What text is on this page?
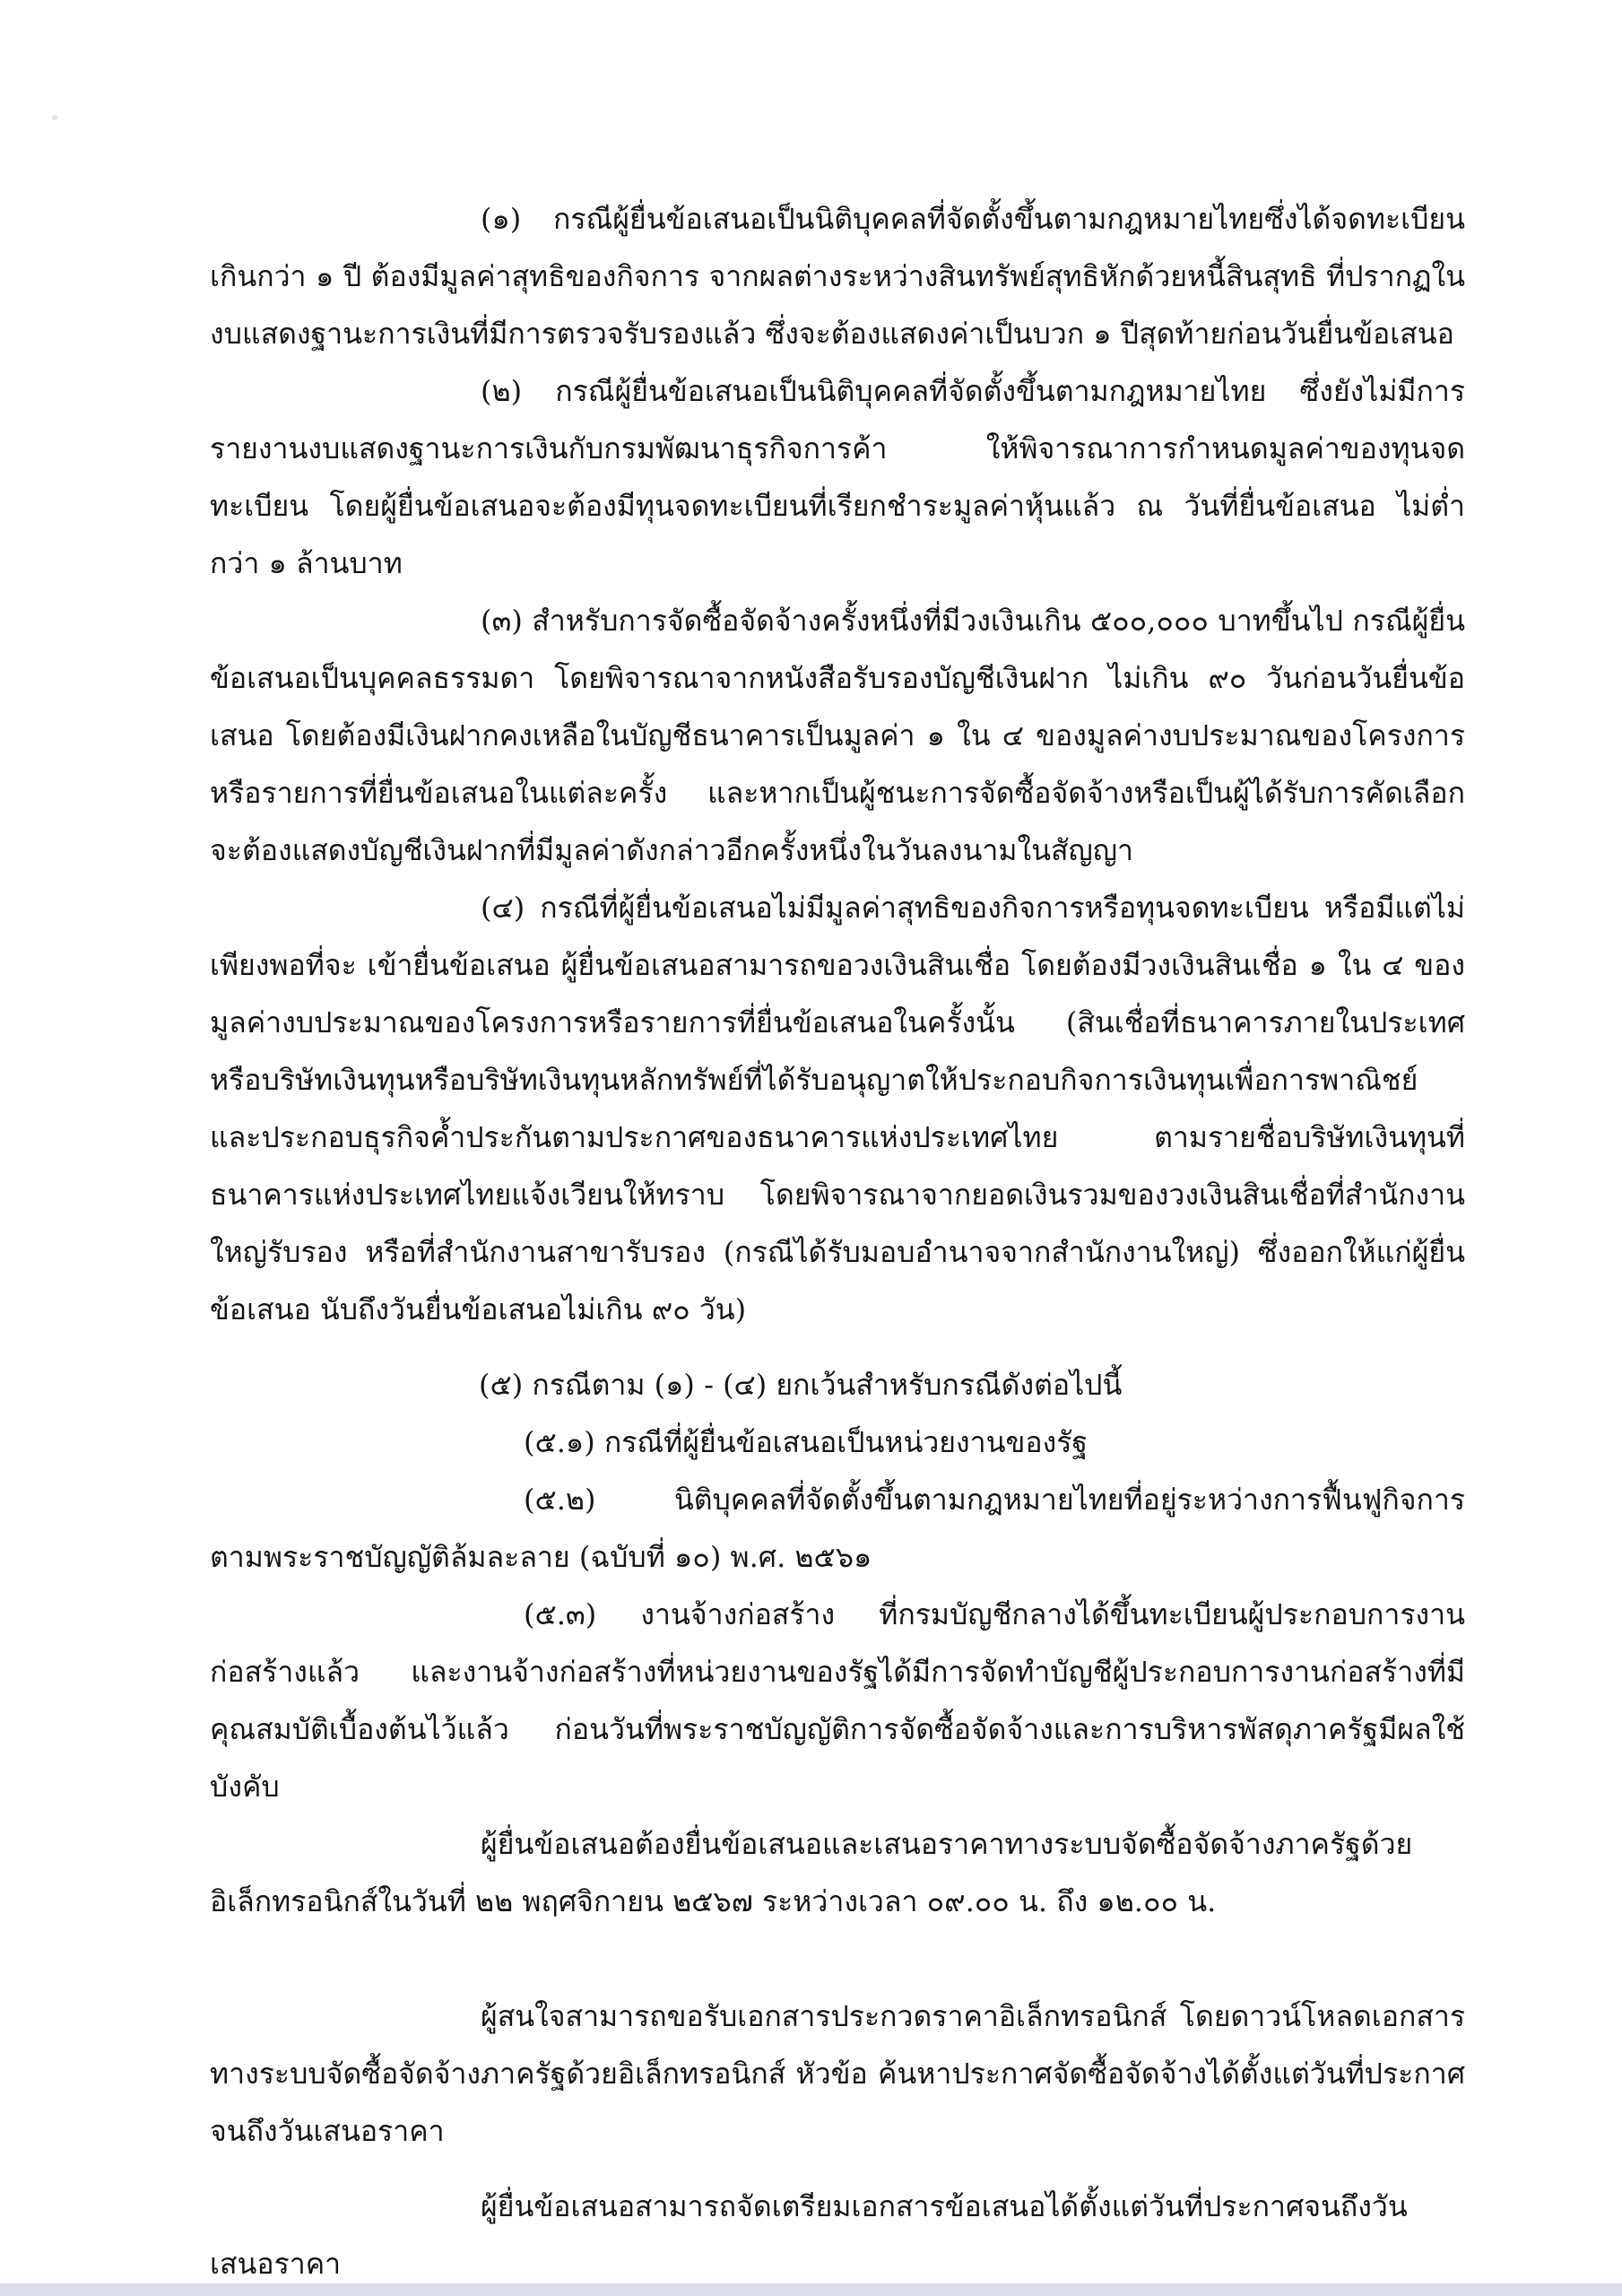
(๑) กรณีผู้ยื่นข้อเสนอเป็นนิติบุคคลที่จัดตั้งขึ้นตามกฎหมายไทยซึ่งได้จดทะเบียนเกินกว่า ๑ ปี ต้องมีมูลค่าสุทธิของกิจการ จากผลต่างระหว่างสินทรัพย์สุทธิหักด้วยหนี้สินสุทธิ ที่ปรากฏในงบแสดงฐานะการเงินที่มีการตรวจรับรองแล้ว ซึ่งจะต้องแสดงค่าเป็นบวก ๑ ปีสุดท้ายก่อนวันยื่นข้อเสนอ

(๒) กรณีผู้ยื่นข้อเสนอเป็นนิติบุคคลที่จัดตั้งขึ้นตามกฎหมายไทย ซึ่งยังไม่มีการรายงานงบแสดงฐานะการเงินกับกรมพัฒนาธุรกิจการค้า ให้พิจารณาการกำหนดมูลค่าของทุนจดทะเบียน โดยผู้ยื่นข้อเสนอจะต้องมีทุนจดทะเบียนที่เรียกชำระมูลค่าหุ้นแล้ว ณ วันที่ยื่นข้อเสนอ ไม่ต่ำกว่า ๑ ล้านบาท

(๓) สำหรับการจัดซื้อจัดจ้างครั้งหนึ่งที่มีวงเงินเกิน ๕๐๐,๐๐๐ บาทขึ้นไป กรณีผู้ยื่นข้อเสนอเป็นบุคคลธรรมดา โดยพิจารณาจากหนังสือรับรองบัญชีเงินฝาก ไม่เกิน ๙๐ วันก่อนวันยื่นข้อเสนอ โดยต้องมีเงินฝากคงเหลือในบัญชีธนาคารเป็นมูลค่า ๑ ใน ๔ ของมูลค่างบประมาณของโครงการหรือรายการที่ยื่นข้อเสนอในแต่ละครั้ง และหากเป็นผู้ชนะการจัดซื้อจัดจ้างหรือเป็นผู้ได้รับการคัดเลือกจะต้องแสดงบัญชีเงินฝากที่มีมูลค่าดังกล่าวอีกครั้งหนึ่งในวันลงนามในสัญญา

(๔) กรณีที่ผู้ยื่นข้อเสนอไม่มีมูลค่าสุทธิของกิจการหรือทุนจดทะเบียน หรือมีแต่ไม่เพียงพอที่จะ เข้ายื่นข้อเสนอ ผู้ยื่นข้อเสนอสามารถขอวงเงินสินเชื่อ โดยต้องมีวงเงินสินเชื่อ ๑ ใน ๔ ของมูลค่างบประมาณของโครงการหรือรายการที่ยื่นข้อเสนอในครั้งนั้น (สินเชื่อที่ธนาคารภายในประเทศ หรือบริษัทเงินทุนหรือบริษัทเงินทุนหลักทรัพย์ที่ได้รับอนุญาตให้ประกอบกิจการเงินทุนเพื่อการพาณิชย์ และประกอบธุรกิจค้ำประกันตามประกาศของธนาคารแห่งประเทศไทย ตามรายชื่อบริษัทเงินทุนที่ธนาคารแห่งประเทศไทยแจ้งเวียนให้ทราบ โดยพิจารณาจากยอดเงินรวมของวงเงินสินเชื่อที่สำนักงานใหญ่รับรอง หรือที่สำนักงานสาขารับรอง (กรณีได้รับมอบอำนาจจากสำนักงานใหญ่) ซึ่งออกให้แก่ผู้ยื่นข้อเสนอ นับถึงวันยื่นข้อเสนอไม่เกิน ๙๐ วัน)

(๕) กรณีตาม (๑) - (๔) ยกเว้นสำหรับกรณีดังต่อไปนี้

(๕.๑) กรณีที่ผู้ยื่นข้อเสนอเป็นหน่วยงานของรัฐ

(๕.๒) นิติบุคคลที่จัดตั้งขึ้นตามกฎหมายไทยที่อยู่ระหว่างการฟื้นฟูกิจการตามพระราชบัญญัติล้มละลาย (ฉบับที่ ๑๐) พ.ศ. ๒๕๖๑

(๕.๓) งานจ้างก่อสร้าง ที่กรมบัญชีกลางได้ขึ้นทะเบียนผู้ประกอบการงานก่อสร้างแล้ว และงานจ้างก่อสร้างที่หน่วยงานของรัฐได้มีการจัดทำบัญชีผู้ประกอบการงานก่อสร้างที่มีคุณสมบัติเบื้องต้นไว้แล้ว ก่อนวันที่พระราชบัญญัติการจัดซื้อจัดจ้างและการบริหารพัสดุภาครัฐมีผลใช้บังคับ

ผู้ยื่นข้อเสนอต้องยื่นข้อเสนอและเสนอราคาทางระบบจัดซื้อจัดจ้างภาครัฐด้วยอิเล็กทรอนิกส์ในวันที่ ๒๒ พฤศจิกายน ๒๕๖๗ ระหว่างเวลา ๐๙.๐๐ น. ถึง ๑๒.๐๐ น.

ผู้สนใจสามารถขอรับเอกสารประกวดราคาอิเล็กทรอนิกส์ โดยดาวน์โหลดเอกสารทางระบบจัดซื้อจัดจ้างภาครัฐด้วยอิเล็กทรอนิกส์ หัวข้อ ค้นหาประกาศจัดซื้อจัดจ้างได้ตั้งแต่วันที่ประกาศจนถึงวันเสนอราคา

ผู้ยื่นข้อเสนอสามารถจัดเตรียมเอกสารข้อเสนอได้ตั้งแต่วันที่ประกาศจนถึงวันเสนอราคา
